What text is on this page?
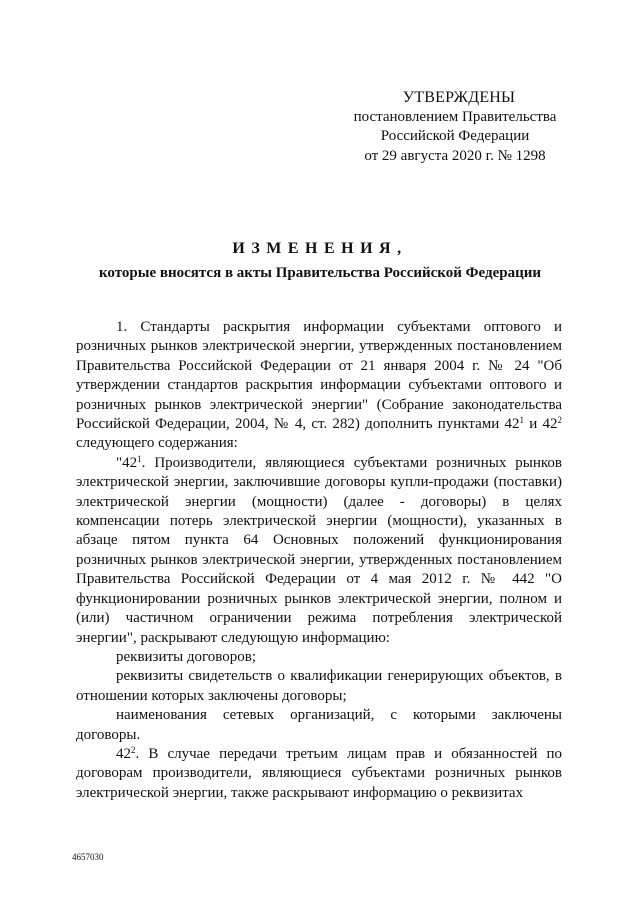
УТВЕРЖДЕНЫ
постановлением Правительства
Российской Федерации
от 29 августа 2020 г. № 1298
ИЗМЕНЕНИЯ,
которые вносятся в акты Правительства Российской Федерации

1. Стандарты раскрытия информации субъектами оптового и розничных рынков электрической энергии, утвержденных постановлением Правительства Российской Федерации от 21 января 2004 г. № 24 "Об утверждении стандартов раскрытия информации субъектами оптового и розничных рынков электрической энергии" (Собрание законодательства Российской Федерации, 2004, № 4, ст. 282) дополнить пунктами $42^1$ и $42^2$ следующего содержания:

"$42^1$. Производители, являющиеся субъектами розничных рынков электрической энергии, заключившие договоры купли-продажи (поставки) электрической энергии (мощности) (далее - договоры) в целях компенсации потерь электрической энергии (мощности), указанных в абзаце пятом пункта 64 Основных положений функционирования розничных рынков электрической энергии, утвержденных постановлением Правительства Российской Федерации от 4 мая 2012 г. № 442 "О функционировании розничных рынков электрической энергии, полном и (или) частичном ограничении режима потребления электрической энергии", раскрывают следующую информацию:

реквизиты договоров;

реквизиты свидетельств о квалификации генерирующих объектов, в отношении которых заключены договоры;

наименования сетевых организаций, с которыми заключены договоры.

$42^2$. В случае передачи третьим лицам прав и обязанностей по договорам производители, являющиеся субъектами розничных рынков электрической энергии, также раскрывают информацию о реквизитах

4657030
